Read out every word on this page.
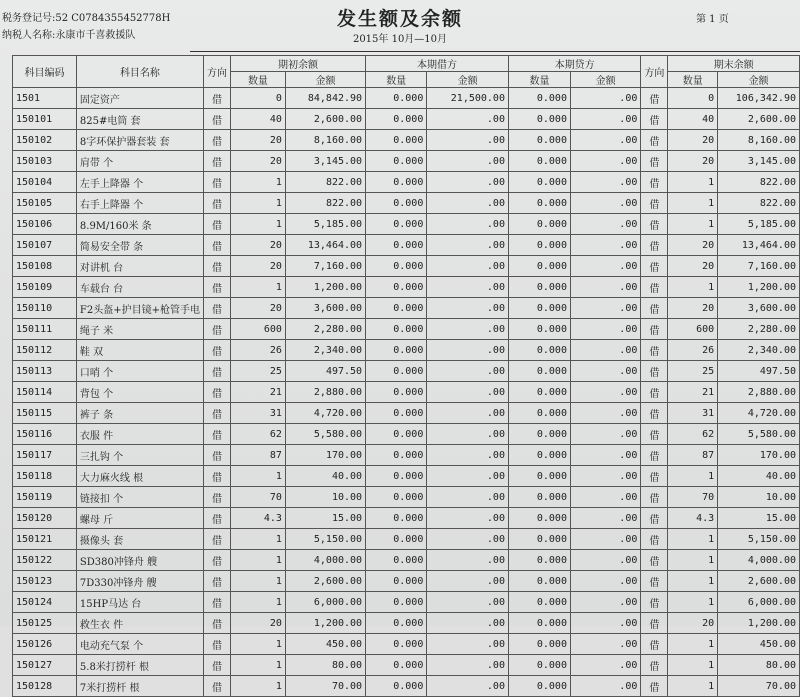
税务登记号:52 C0784355452778H
纳税人名称:永康市千喜救援队
发生额及余额
2015年 10月—10月
第 1 页
科目编码	科目名称	方向	期初余额		本期借方		本期贷方		方向	期末余额	
			数量	金额	数量	金额	数量	金额		数量	金额
1501	固定资产	借	0	84,842.90	0.000	21,500.00	0.000	.00	借	0	106,342.90
150101	825#电筒 套	借	40	2,600.00	0.000	.00	0.000	.00	借	40	2,600.00
150102	8字环保护器套装 套	借	20	8,160.00	0.000	.00	0.000	.00	借	20	8,160.00
150103	肩带 个	借	20	3,145.00	0.000	.00	0.000	.00	借	20	3,145.00
150104	左手上降器 个	借	1	822.00	0.000	.00	0.000	.00	借	1	822.00
150105	右手上降器 个	借	1	822.00	0.000	.00	0.000	.00	借	1	822.00
150106	8.9M/160米 条	借	1	5,185.00	0.000	.00	0.000	.00	借	1	5,185.00
150107	简易安全带 条	借	20	13,464.00	0.000	.00	0.000	.00	借	20	13,464.00
150108	对讲机 台	借	20	7,160.00	0.000	.00	0.000	.00	借	20	7,160.00
150109	车载台 台	借	1	1,200.00	0.000	.00	0.000	.00	借	1	1,200.00
150110	F2头盔+护目镜+枪管手电	借	20	3,600.00	0.000	.00	0.000	.00	借	20	3,600.00
150111	绳子 米	借	600	2,280.00	0.000	.00	0.000	.00	借	600	2,280.00
150112	鞋 双	借	26	2,340.00	0.000	.00	0.000	.00	借	26	2,340.00
150113	口哨 个	借	25	497.50	0.000	.00	0.000	.00	借	25	497.50
150114	背包 个	借	21	2,880.00	0.000	.00	0.000	.00	借	21	2,880.00
150115	裤子 条	借	31	4,720.00	0.000	.00	0.000	.00	借	31	4,720.00
150116	衣服 件	借	62	5,580.00	0.000	.00	0.000	.00	借	62	5,580.00
150117	三扎钩 个	借	87	170.00	0.000	.00	0.000	.00	借	87	170.00
150118	大力麻火线 根	借	1	40.00	0.000	.00	0.000	.00	借	1	40.00
150119	链接扣 个	借	70	10.00	0.000	.00	0.000	.00	借	70	10.00
150120	螺母 斤	借	4.3	15.00	0.000	.00	0.000	.00	借	4.3	15.00
150121	摄像头 套	借	1	5,150.00	0.000	.00	0.000	.00	借	1	5,150.00
150122	SD380冲锋舟 艘	借	1	4,000.00	0.000	.00	0.000	.00	借	1	4,000.00
150123	7D330冲锋舟 艘	借	1	2,600.00	0.000	.00	0.000	.00	借	1	2,600.00
150124	15HP马达 台	借	1	6,000.00	0.000	.00	0.000	.00	借	1	6,000.00
150125	救生衣 件	借	20	1,200.00	0.000	.00	0.000	.00	借	20	1,200.00
150126	电动充气泵 个	借	1	450.00	0.000	.00	0.000	.00	借	1	450.00
150127	5.8米打捞杆 根	借	1	80.00	0.000	.00	0.000	.00	借	1	80.00
150128	7米打捞杆 根	借	1	70.00	0.000	.00	0.000	.00	借	1	70.00
